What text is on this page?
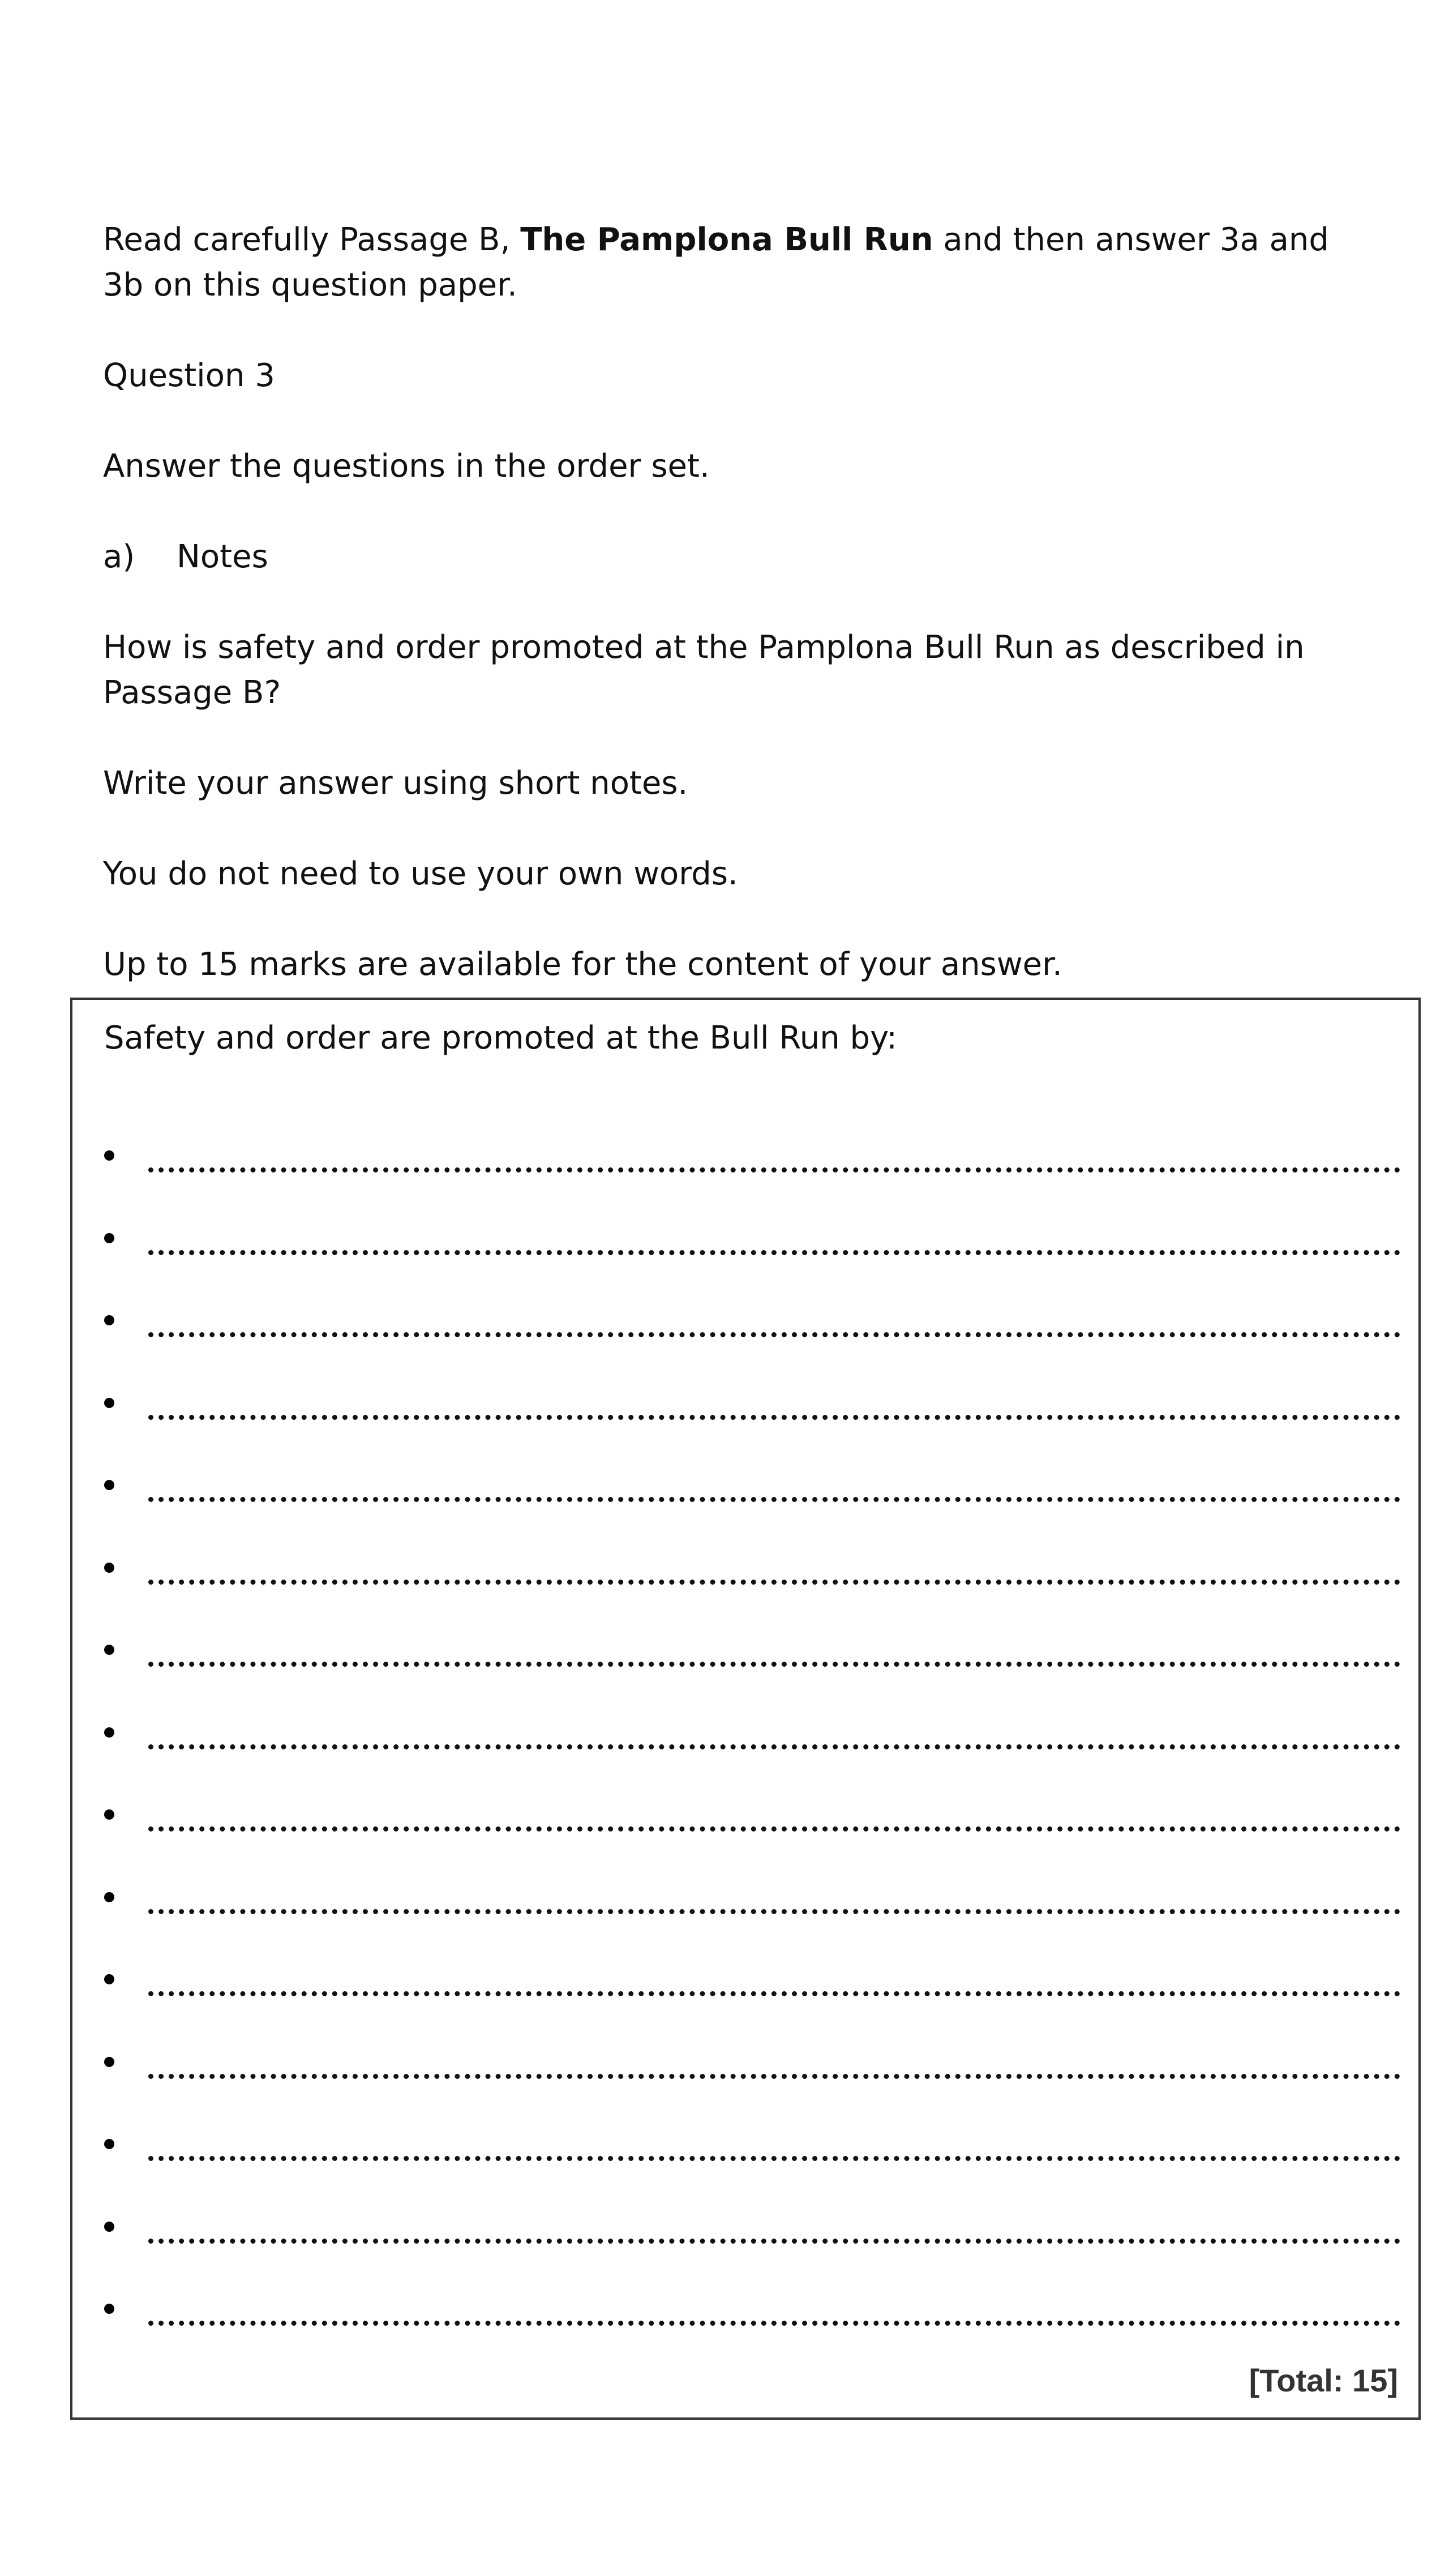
Read carefully Passage B, The Pamplona Bull Run and then answer 3a and 3b on this question paper.

Question 3

Answer the questions in the order set.

a) Notes

How is safety and order promoted at the Pamplona Bull Run as described in Passage B?

Write your answer using short notes.

You do not need to use your own words.

Up to 15 marks are available for the content of your answer.

Safety and order are promoted at the Bull Run by:

[Total: 15]
